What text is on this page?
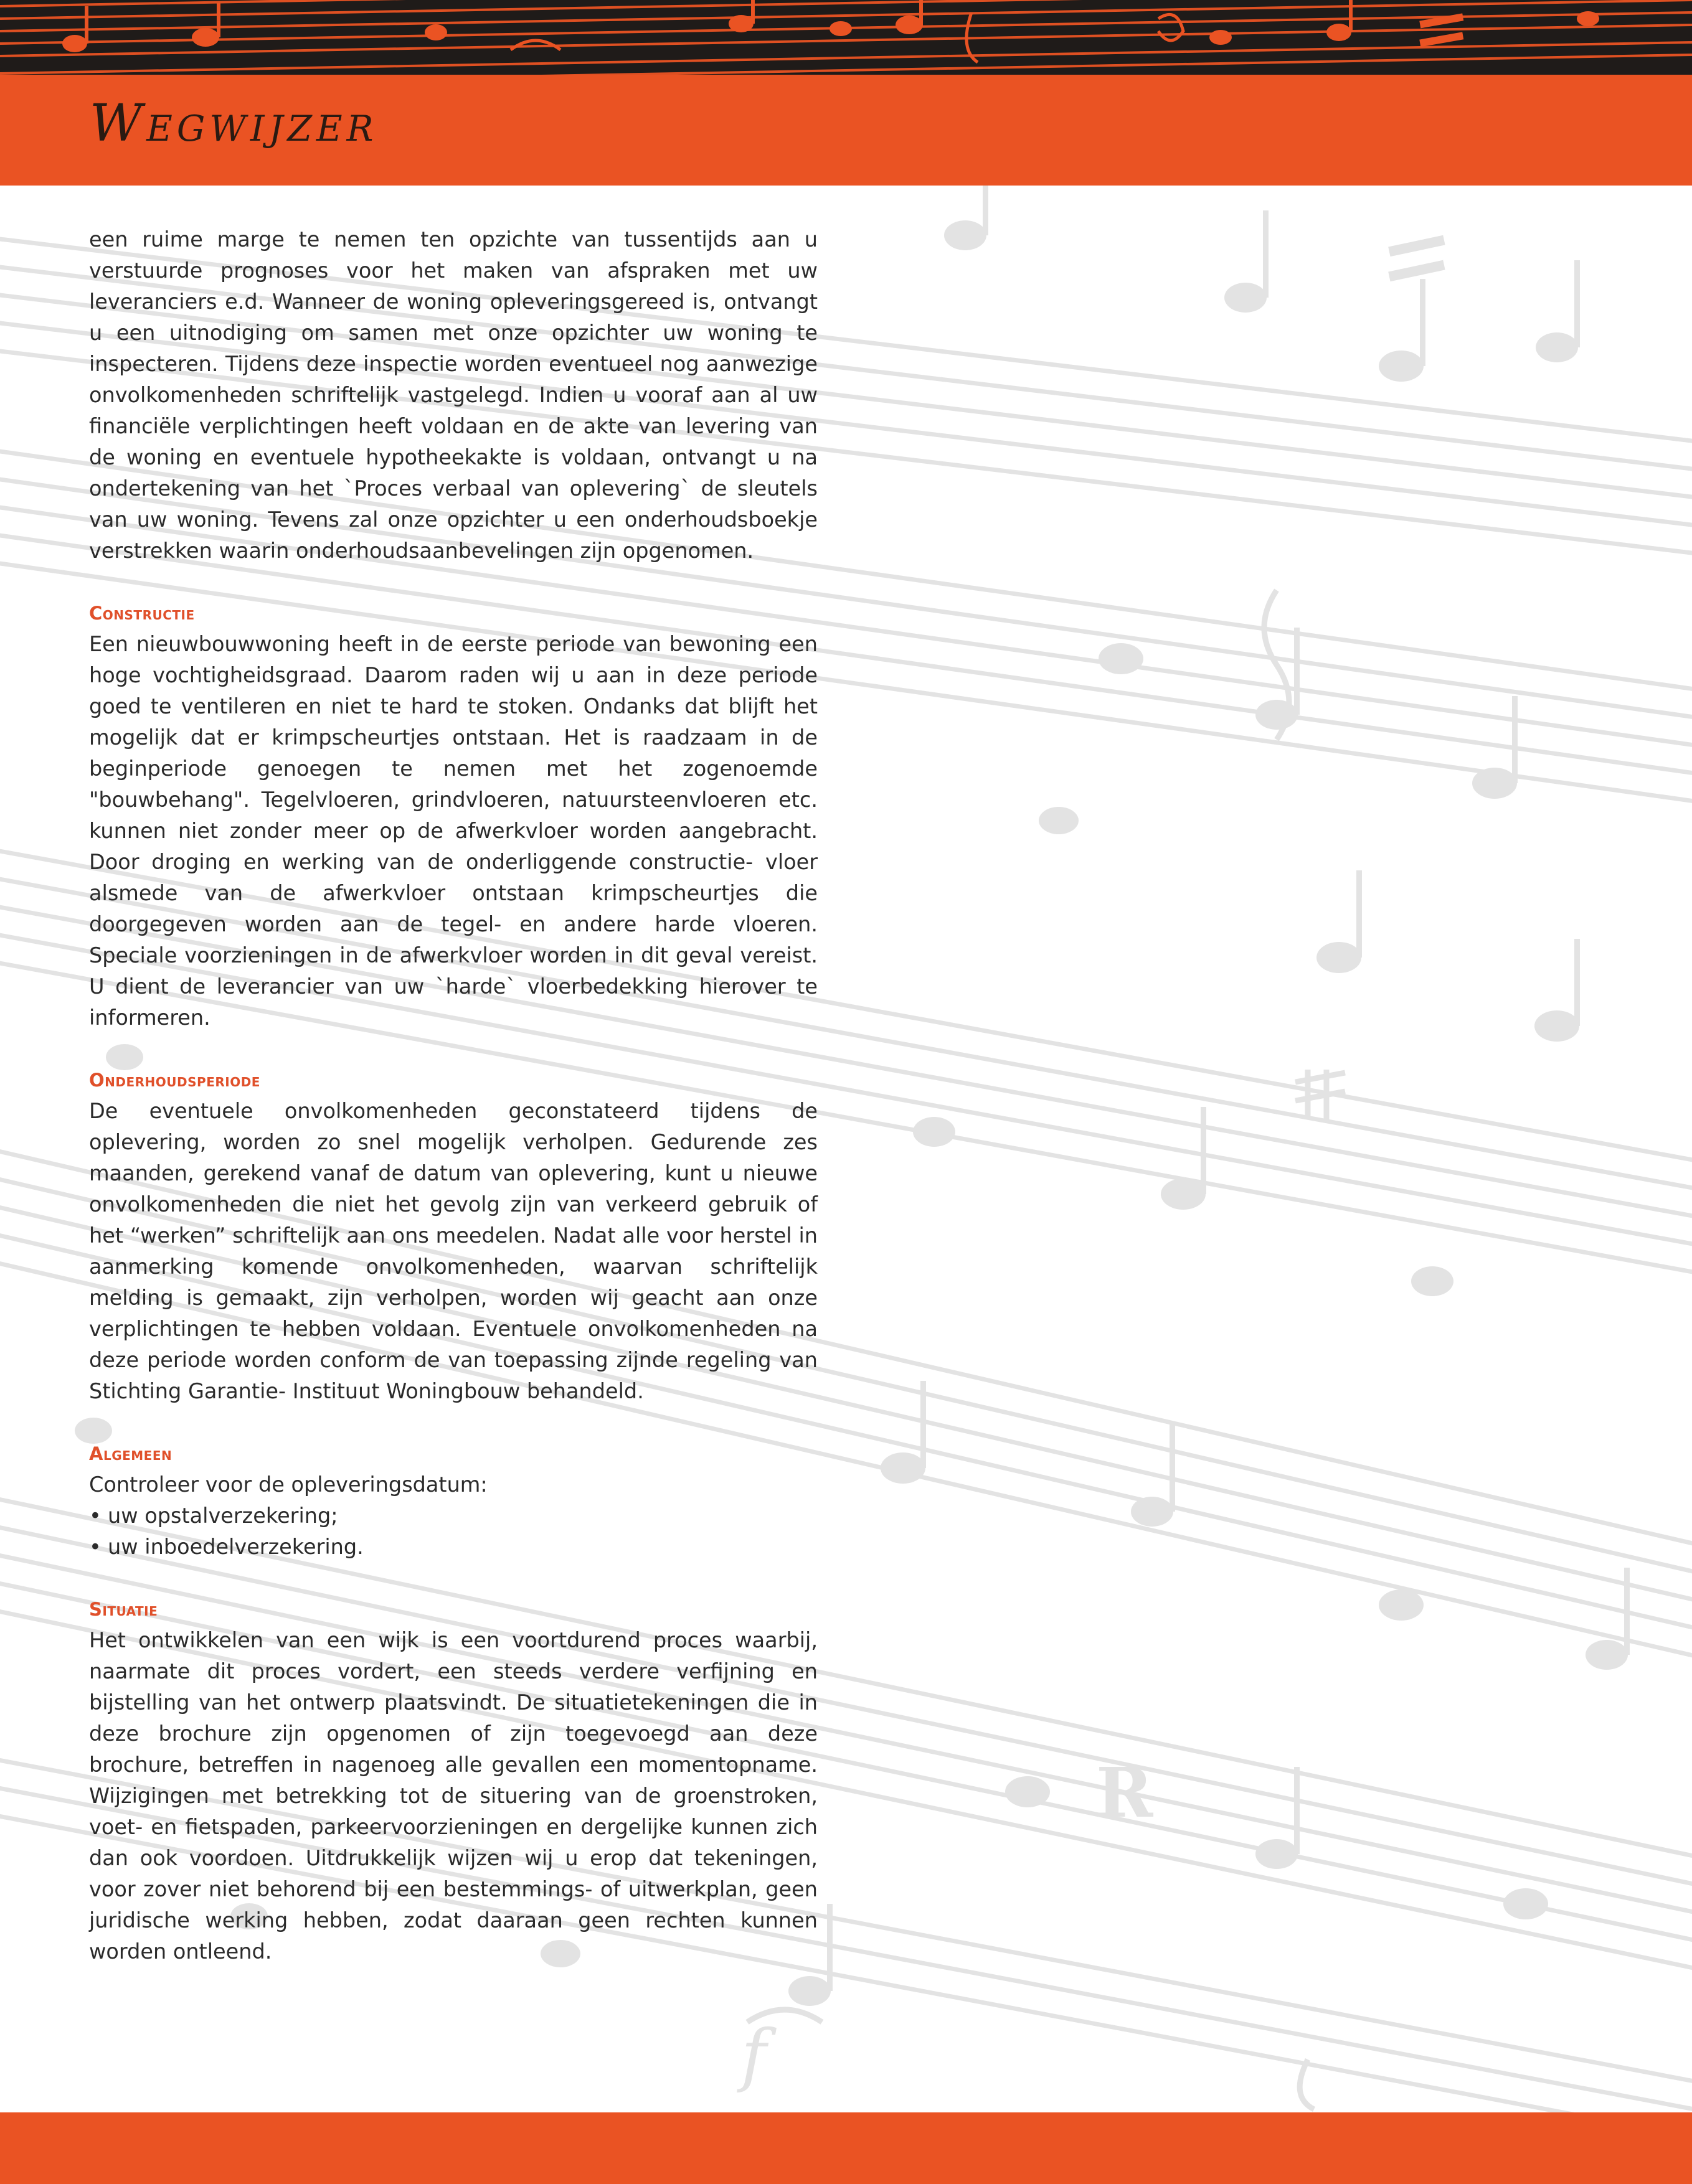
Wegwijzer
R
f

een ruime marge te nemen ten opzichte van tussentijds aan u verstuurde prognoses voor het maken van afspraken met uw leveranciers e.d. Wanneer de woning opleveringsgereed is, ontvangt u een uitnodiging om samen met onze opzichter uw woning te inspecteren. Tijdens deze inspectie worden eventueel nog aanwezige onvolkomenheden schriftelijk vastgelegd. Indien u vooraf aan al uw financiële verplichtingen heeft voldaan en de akte van levering van de woning en eventuele hypotheekakte is voldaan, ontvangt u na ondertekening van het `Proces verbaal van oplevering` de sleutels van uw woning. Tevens zal onze opzichter u een onderhoudsboekje verstrekken waarin onderhoudsaanbevelingen zijn opgenomen.

Constructie

Een nieuwbouwwoning heeft in de eerste periode van bewoning een hoge vochtigheidsgraad. Daarom raden wij u aan in deze periode goed te ventileren en niet te hard te stoken. Ondanks dat blijft het mogelijk dat er krimpscheurtjes ontstaan. Het is raadzaam in de beginperiode genoegen te nemen met het zogenoemde "bouwbehang". Tegelvloeren, grindvloeren, natuursteenvloeren etc. kunnen niet zonder meer op de afwerkvloer worden aangebracht. Door droging en werking van de onderliggende constructie- vloer alsmede van de afwerkvloer ontstaan krimpscheurtjes die doorgegeven worden aan de tegel- en andere harde vloeren. Speciale voorzieningen in de afwerkvloer worden in dit geval vereist. U dient de leverancier van uw `harde` vloerbedekking hierover te informeren.

Onderhoudsperiode

De eventuele onvolkomenheden geconstateerd tijdens de oplevering, worden zo snel mogelijk verholpen. Gedurende zes maanden, gerekend vanaf de datum van oplevering, kunt u nieuwe onvolkomenheden die niet het gevolg zijn van verkeerd gebruik of het “werken” schriftelijk aan ons meedelen. Nadat alle voor herstel in aanmerking komende onvolkomenheden, waarvan schriftelijk melding is gemaakt, zijn verholpen, worden wij geacht aan onze verplichtingen te hebben voldaan. Eventuele onvolkomenheden na deze periode worden conform de van toepassing zijnde regeling van Stichting Garantie- Instituut Woningbouw behandeld.

Algemeen

Controleer voor de opleveringsdatum:

• uw opstalverzekering;
• uw inboedelverzekering.
Situatie

Het ontwikkelen van een wijk is een voortdurend proces waarbij, naarmate dit proces vordert, een steeds verdere verfijning en bijstelling van het ontwerp plaatsvindt. De situatietekeningen die in deze brochure zijn opgenomen of zijn toegevoegd aan deze brochure, betreffen in nagenoeg alle gevallen een momentopname. Wijzigingen met betrekking tot de situering van de groenstroken, voet- en fietspaden, parkeervoorzieningen en dergelijke kunnen zich dan ook voordoen. Uitdrukkelijk wijzen wij u erop dat tekeningen, voor zover niet behorend bij een bestemmings- of uitwerkplan, geen juridische werking hebben, zodat daaraan geen rechten kunnen worden ontleend.
